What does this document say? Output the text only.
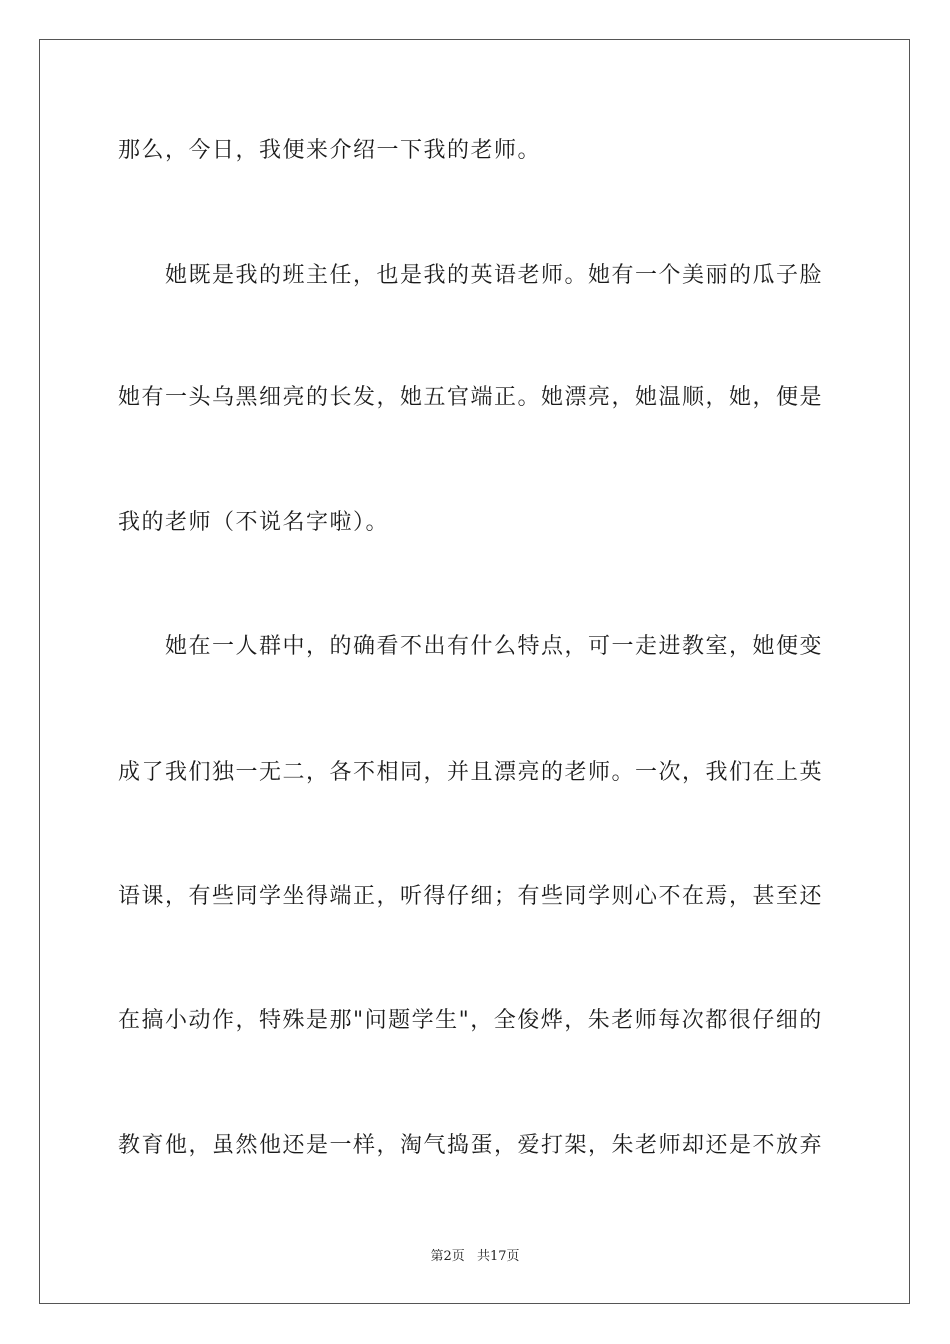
那么，今日，我便来介绍一下我的老师。
她既是我的班主任，也是我的英语老师。她有一个美丽的瓜子脸
她有一头乌黑细亮的长发，她五官端正。她漂亮，她温顺，她，便是
我的老师（不说名字啦）。
她在一人群中，的确看不出有什么特点，可一走进教室，她便变
成了我们独一无二，各不相同，并且漂亮的老师。一次，我们在上英
语课，有些同学坐得端正，听得仔细；有些同学则心不在焉，甚至还
在搞小动作，特殊是那"问题学生"，全俊烨，朱老师每次都很仔细的
教育他，虽然他还是一样，淘气捣蛋，爱打架，朱老师却还是不放弃
第2页 共17页
